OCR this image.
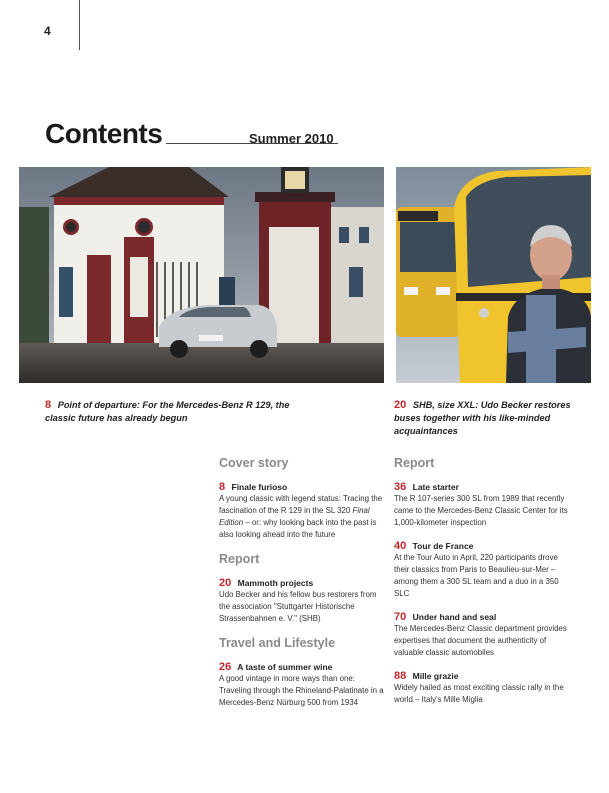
4
Contents	Summer 2010
8 Point of departure: For the Mercedes-Benz R 129, the classic future has already begun
20 SHB, size XXL: Udo Becker restores buses together with his like-minded acquaintances
Cover story
8 Finale furioso
A young classic with legend status: Tracing the fascination of the R 129 in the SL 320 Final Edition – or: why looking back into the past is also looking ahead into the future
Report
20 Mammoth projects
Udo Becker and his fellow bus restorers from the association "Stuttgarter Historische Strassenbahnen e. V." (SHB)
Travel and Lifestyle
26 A taste of summer wine
A good vintage in more ways than one: Traveling through the Rhineland-Palatinate in a Mercedes-Benz Nürburg 500 from 1934
Report
36 Late starter
The R 107-series 300 SL from 1989 that recently came to the Mercedes-Benz Classic Center for its 1,000-kilometer inspection
40 Tour de France
At the Tour Auto in April, 220 participants drove their classics from Paris to Beaulieu-sur-Mer – among them a 300 SL team and a duo in a 350 SLC
70 Under hand and seal
The Mercedes-Benz Classic department provides expertises that document the authenticity of valuable classic automobiles
88 Mille grazie
Widely hailed as most exciting classic rally in the world – Italy's Mille Miglia
